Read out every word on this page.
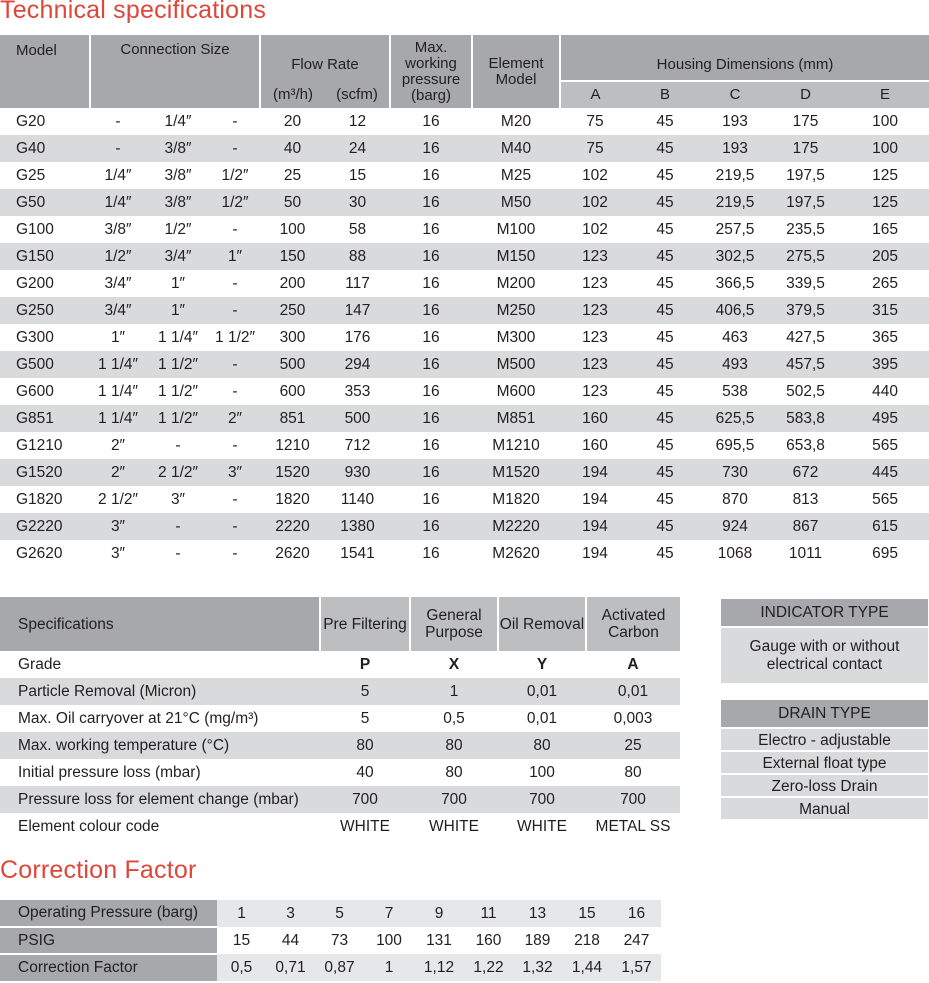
Technical specifications
Model	Connection Size			Flow Rate		Max. working pressure (barg)	Element Model	Housing Dimensions (mm)				
				(m³/h)	(scfm)			A	B	C	D	E
G20	-	1/4″	-	20	12	16	M20	75	45	193	175	100
G40	-	3/8″	-	40	24	16	M40	75	45	193	175	100
G25	1/4″	3/8″	1/2″	25	15	16	M25	102	45	219,5	197,5	125
G50	1/4″	3/8″	1/2″	50	30	16	M50	102	45	219,5	197,5	125
G100	3/8″	1/2″	-	100	58	16	M100	102	45	257,5	235,5	165
G150	1/2″	3/4″	1″	150	88	16	M150	123	45	302,5	275,5	205
G200	3/4″	1″	-	200	117	16	M200	123	45	366,5	339,5	265
G250	3/4″	1″	-	250	147	16	M250	123	45	406,5	379,5	315
G300	1″	1 1/4″	1 1/2″	300	176	16	M300	123	45	463	427,5	365
G500	1 1/4″	1 1/2″	-	500	294	16	M500	123	45	493	457,5	395
G600	1 1/4″	1 1/2″	-	600	353	16	M600	123	45	538	502,5	440
G851	1 1/4″	1 1/2″	2″	851	500	16	M851	160	45	625,5	583,8	495
G1210	2″	-	-	1210	712	16	M1210	160	45	695,5	653,8	565
G1520	2″	2 1/2″	3″	1520	930	16	M1520	194	45	730	672	445
G1820	2 1/2″	3″	-	1820	1140	16	M1820	194	45	870	813	565
G2220	3″	-	-	2220	1380	16	M2220	194	45	924	867	615
G2620	3″	-	-	2620	1541	16	M2620	194	45	1068	1011	695
Specifications	Pre Filtering	General Purpose	Oil Removal	Activated Carbon
Grade	P	X	Y	A
Particle Removal (Micron)	5	1	0,01	0,01
Max. Oil carryover at 21°C (mg/m³)	5	0,5	0,01	0,003
Max. working temperature (°C)	80	80	80	25
Initial pressure loss (mbar)	40	80	100	80
Pressure loss for element change (mbar)	700	700	700	700
Element colour code	WHITE	WHITE	WHITE	METAL SS
INDICATOR TYPE
Gauge with or without electrical contact
DRAIN TYPE
Electro - adjustable
External float type
Zero-loss Drain
Manual
Correction Factor
Operating Pressure (barg)	1	3	5	7	9	11	13	15	16
PSIG	15	44	73	100	131	160	189	218	247
Correction Factor	0,5	0,71	0,87	1	1,12	1,22	1,32	1,44	1,57
